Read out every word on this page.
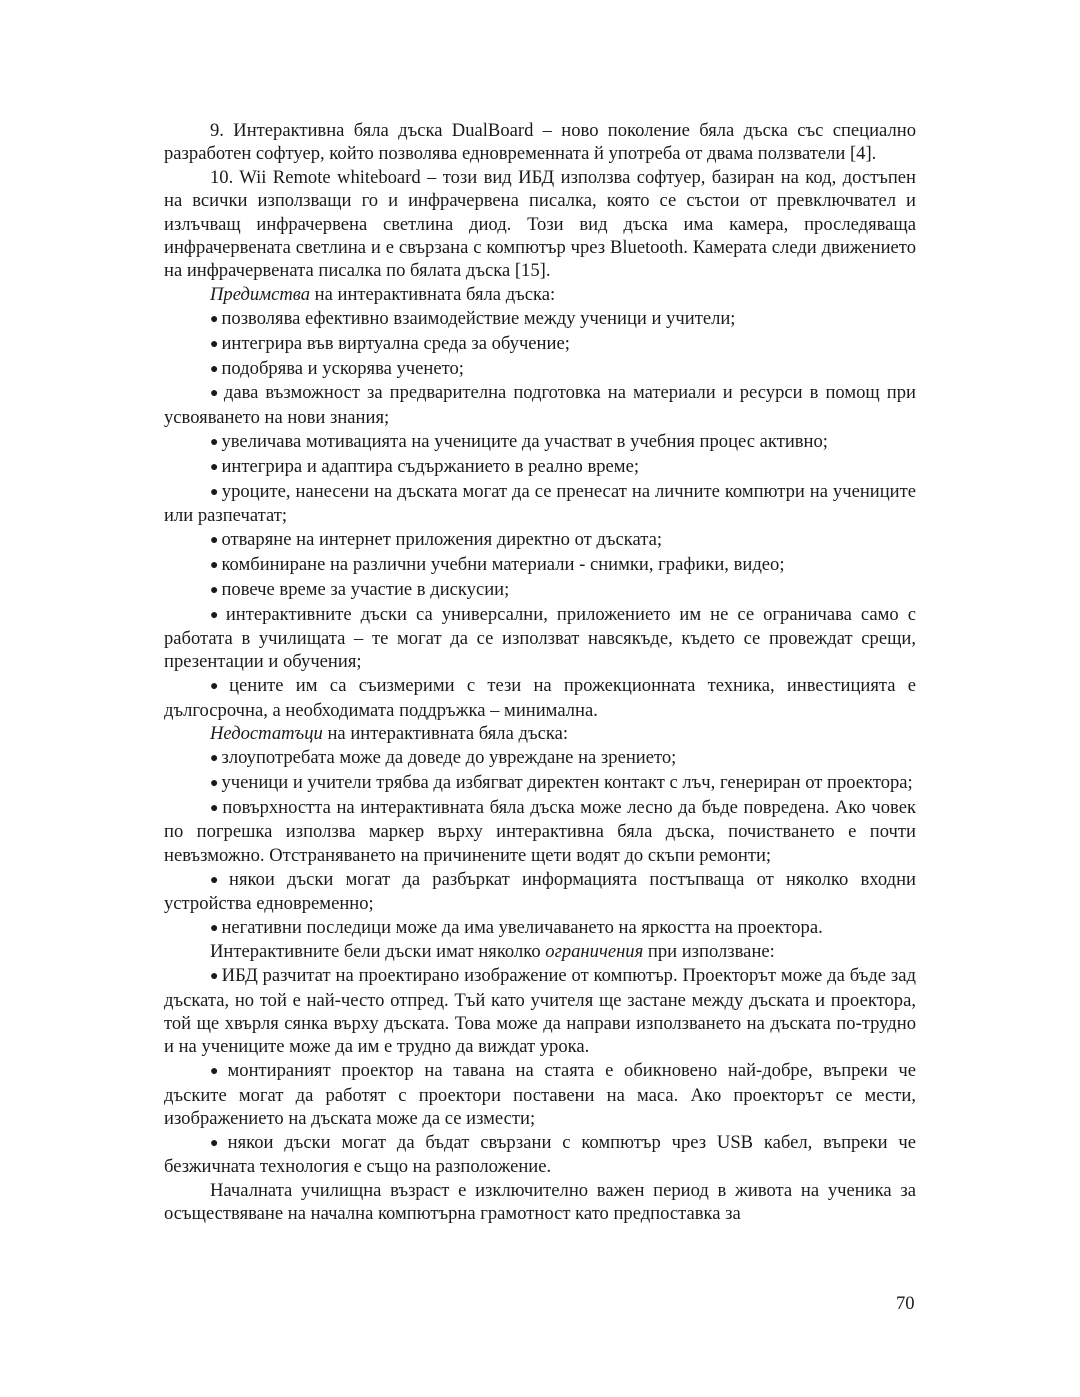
9. Интерактивна бяла дъска DualBoard – ново поколение бяла дъска със специално разработен софтуер, който позволява едновременната й употреба от двама ползватели [4].

10. Wii Remote whiteboard – този вид ИБД използва софтуер, базиран на код, достъпен на всички използващи го и инфрачервена писалка, която се състои от превключвател и излъчващ инфрачервена светлина диод. Този вид дъска има камера, проследяваща инфрачервената светлина и е свързана с компютър чрез Bluetooth. Камерата следи движението на инфрачервената писалка по бялата дъска [15].

Предимства на интерактивната бяла дъска:

● позволява ефективно взаимодействие между ученици и учители;

● интегрира във виртуална среда за обучение;

● подобрява и ускорява ученето;

● дава възможност за предварителна подготовка на материали и ресурси в помощ при усвояването на нови знания;

● увеличава мотивацията на учениците да участват в учебния процес активно;

● интегрира и адаптира съдържанието в реално време;

● уроците, нанесени на дъската могат да се пренесат на личните компютри на учениците или разпечатат;

● отваряне на интернет приложения директно от дъската;

● комбиниране на различни учебни материали - снимки, графики, видео;

● повече време за участие в дискусии;

● интерактивните дъски са универсални, приложението им не се ограничава само с работата в училищата – те могат да се използват навсякъде, където се провеждат срещи, презентации и обучения;

● цените им са съизмерими с тези на прожекционната техника, инвестицията е дългосрочна, а необходимата поддръжка – минимална.

Недостатъци на интерактивната бяла дъска:

● злоупотребата може да доведе до увреждане на зрението;

● ученици и учители трябва да избягват директен контакт с лъч, генериран от проектора;

● повърхността на интерактивната бяла дъска може лесно да бъде повредена. Ако човек по погрешка използва маркер върху интерактивна бяла дъска, почистването е почти невъзможно. Отстраняването на причинените щети водят до скъпи ремонти;

● някои дъски могат да разбъркат информацията постъпваща от няколко входни устройства едновременно;

● негативни последици може да има увеличаването на яркостта на проектора.

Интерактивните бели дъски имат няколко ограничения при използване:

● ИБД разчитат на проектирано изображение от компютър. Проекторът може да бъде зад дъската, но той е най-често отпред. Тъй като учителя ще застане между дъската и проектора, той ще хвърля сянка върху дъската. Това може да направи използването на дъската по-трудно и на учениците може да им е трудно да виждат урока.

● монтираният проектор на тавана на стаята е обикновено най-добре, въпреки че дъските могат да работят с проектори поставени на маса. Ако проекторът се мести, изображението на дъската може да се измести;

● някои дъски могат да бъдат свързани с компютър чрез USB кабел, въпреки че безжичната технология е също на разположение.

Началната училищна възраст е изключително важен период в живота на ученика за осъществяване на начална компютърна грамотност като предпоставка за

70
